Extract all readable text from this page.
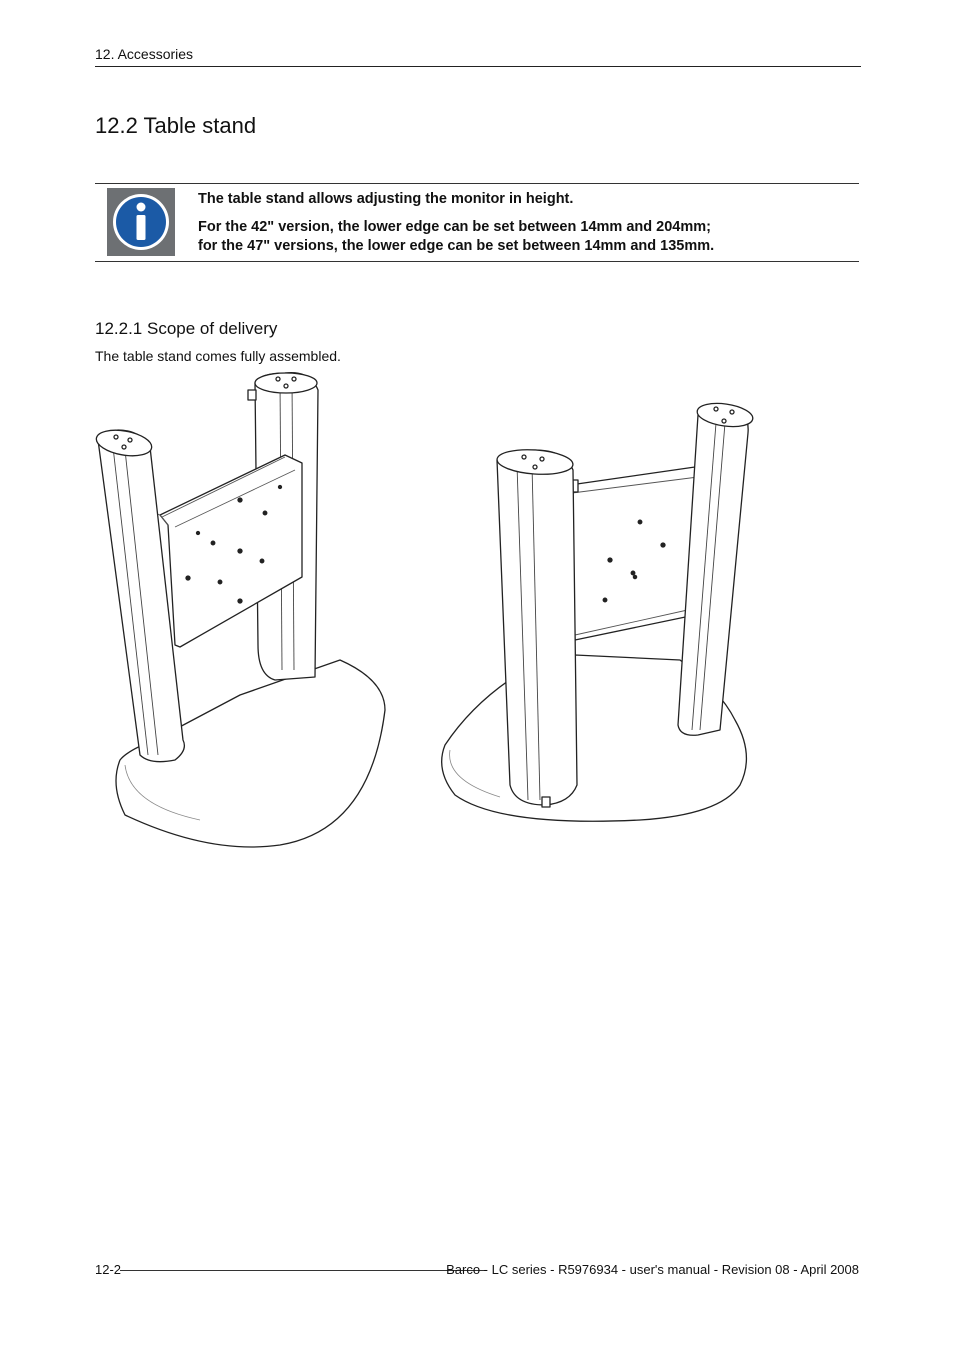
12. Accessories
12.2 Table stand

The table stand allows adjusting the monitor in height.

For the 42" version, the lower edge can be set between 14mm and 204mm;

for the 47" versions, the lower edge can be set between 14mm and 135mm.

12.2.1 Scope of delivery

The table stand comes fully assembled.

12-2	Barco - LC series - R5976934 - user's manual - Revision 08 - April 2008
